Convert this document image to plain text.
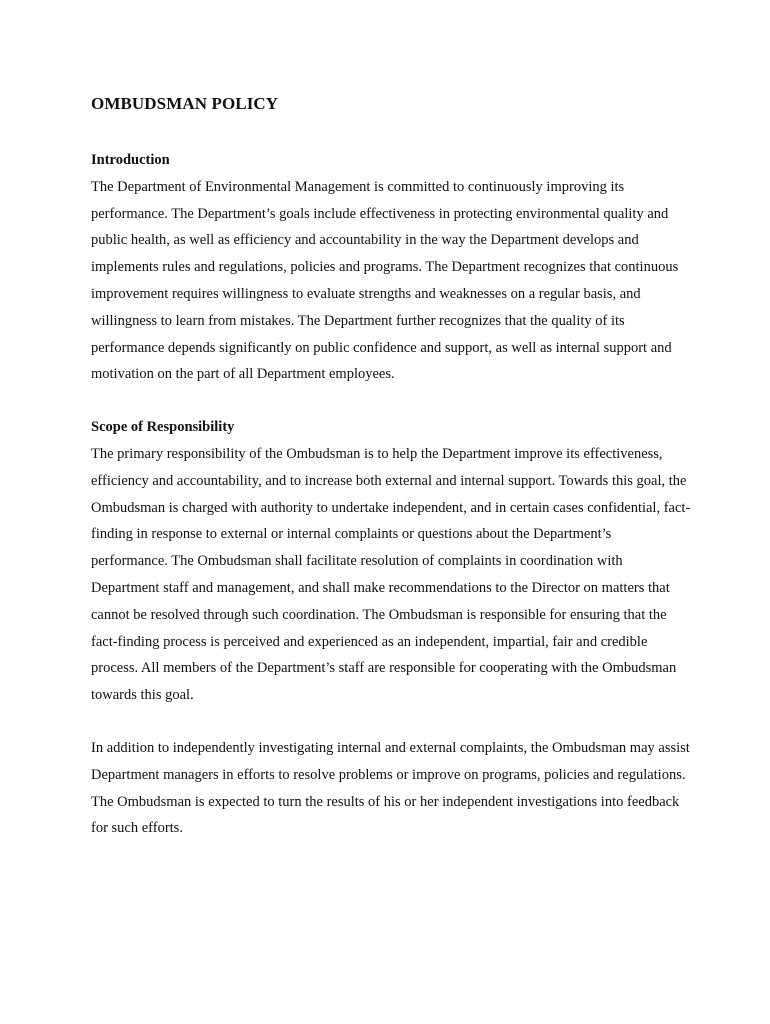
OMBUDSMAN POLICY
Introduction

The Department of Environmental Management is committed to continuously improving its performance. The Department’s goals include effectiveness in protecting environmental quality and public health, as well as efficiency and accountability in the way the Department develops and implements rules and regulations, policies and programs. The Department recognizes that continuous improvement requires willingness to evaluate strengths and weaknesses on a regular basis, and willingness to learn from mistakes. The Department further recognizes that the quality of its performance depends significantly on public confidence and support, as well as internal support and motivation on the part of all Department employees.

Scope of Responsibility

The primary responsibility of the Ombudsman is to help the Department improve its effectiveness, efficiency and accountability, and to increase both external and internal support. Towards this goal, the Ombudsman is charged with authority to undertake independent, and in certain cases confidential, fact-finding in response to external or internal complaints or questions about the Department’s performance. The Ombudsman shall facilitate resolution of complaints in coordination with Department staff and management, and shall make recommendations to the Director on matters that cannot be resolved through such coordination. The Ombudsman is responsible for ensuring that the fact-finding process is perceived and experienced as an independent, impartial, fair and credible process. All members of the Department’s staff are responsible for cooperating with the Ombudsman towards this goal.

In addition to independently investigating internal and external complaints, the Ombudsman may assist Department managers in efforts to resolve problems or improve on programs, policies and regulations. The Ombudsman is expected to turn the results of his or her independent investigations into feedback for such efforts.
